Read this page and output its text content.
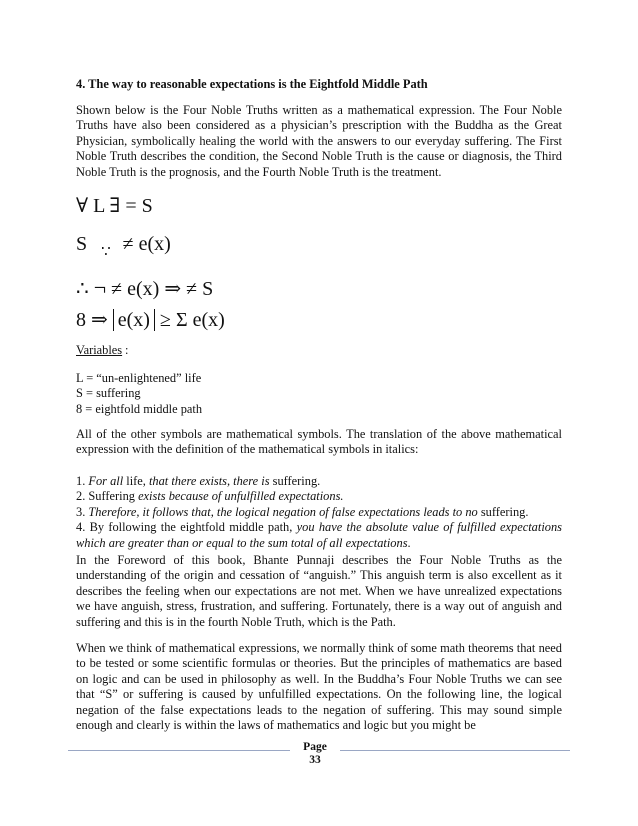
4. The way to reasonable expectations is the Eightfold Middle Path
Shown below is the Four Noble Truths written as a mathematical expression. The Four Noble Truths have also been considered as a physician’s prescription with the Buddha as the Great Physician, symbolically healing the world with the answers to our everyday suffering. The First Noble Truth describes the condition, the Second Noble Truth is the cause or diagnosis, the Third Noble Truth is the prognosis, and the Fourth Noble Truth is the treatment.
∀ L ∃ = S
S $_\because$ ≠ e(x)
∴ ¬ ≠ e(x) ⇒ ≠ S
8 ⇒ e(x) ≥ Σ e(x)
Variables :
L = “un-enlightened” life
S = suffering
8 = eightfold middle path
All of the other symbols are mathematical symbols. The translation of the above mathematical expression with the definition of the mathematical symbols in italics:
1. For all life, that there exists, there is suffering.
2. Suffering exists because of unfulfilled expectations.
3. Therefore, it follows that, the logical negation of false expectations leads to no suffering.
4. By following the eightfold middle path, you have the absolute value of fulfilled expectations which are greater than or equal to the sum total of all expectations.
In the Foreword of this book, Bhante Punnaji describes the Four Noble Truths as the understanding of the origin and cessation of “anguish.” This anguish term is also excellent as it describes the feeling when our expectations are not met. When we have unrealized expectations we have anguish, stress, frustration, and suffering. Fortunately, there is a way out of anguish and suffering and this is in the fourth Noble Truth, which is the Path.
When we think of mathematical expressions, we normally think of some math theorems that need to be tested or some scientific formulas or theories. But the principles of mathematics are based on logic and can be used in philosophy as well. In the Buddha’s Four Noble Truths we can see that “S” or suffering is caused by unfulfilled expectations. On the following line, the logical negation of the false expectations leads to the negation of suffering. This may sound simple enough and clearly is within the laws of mathematics and logic but you might be
Page
33
